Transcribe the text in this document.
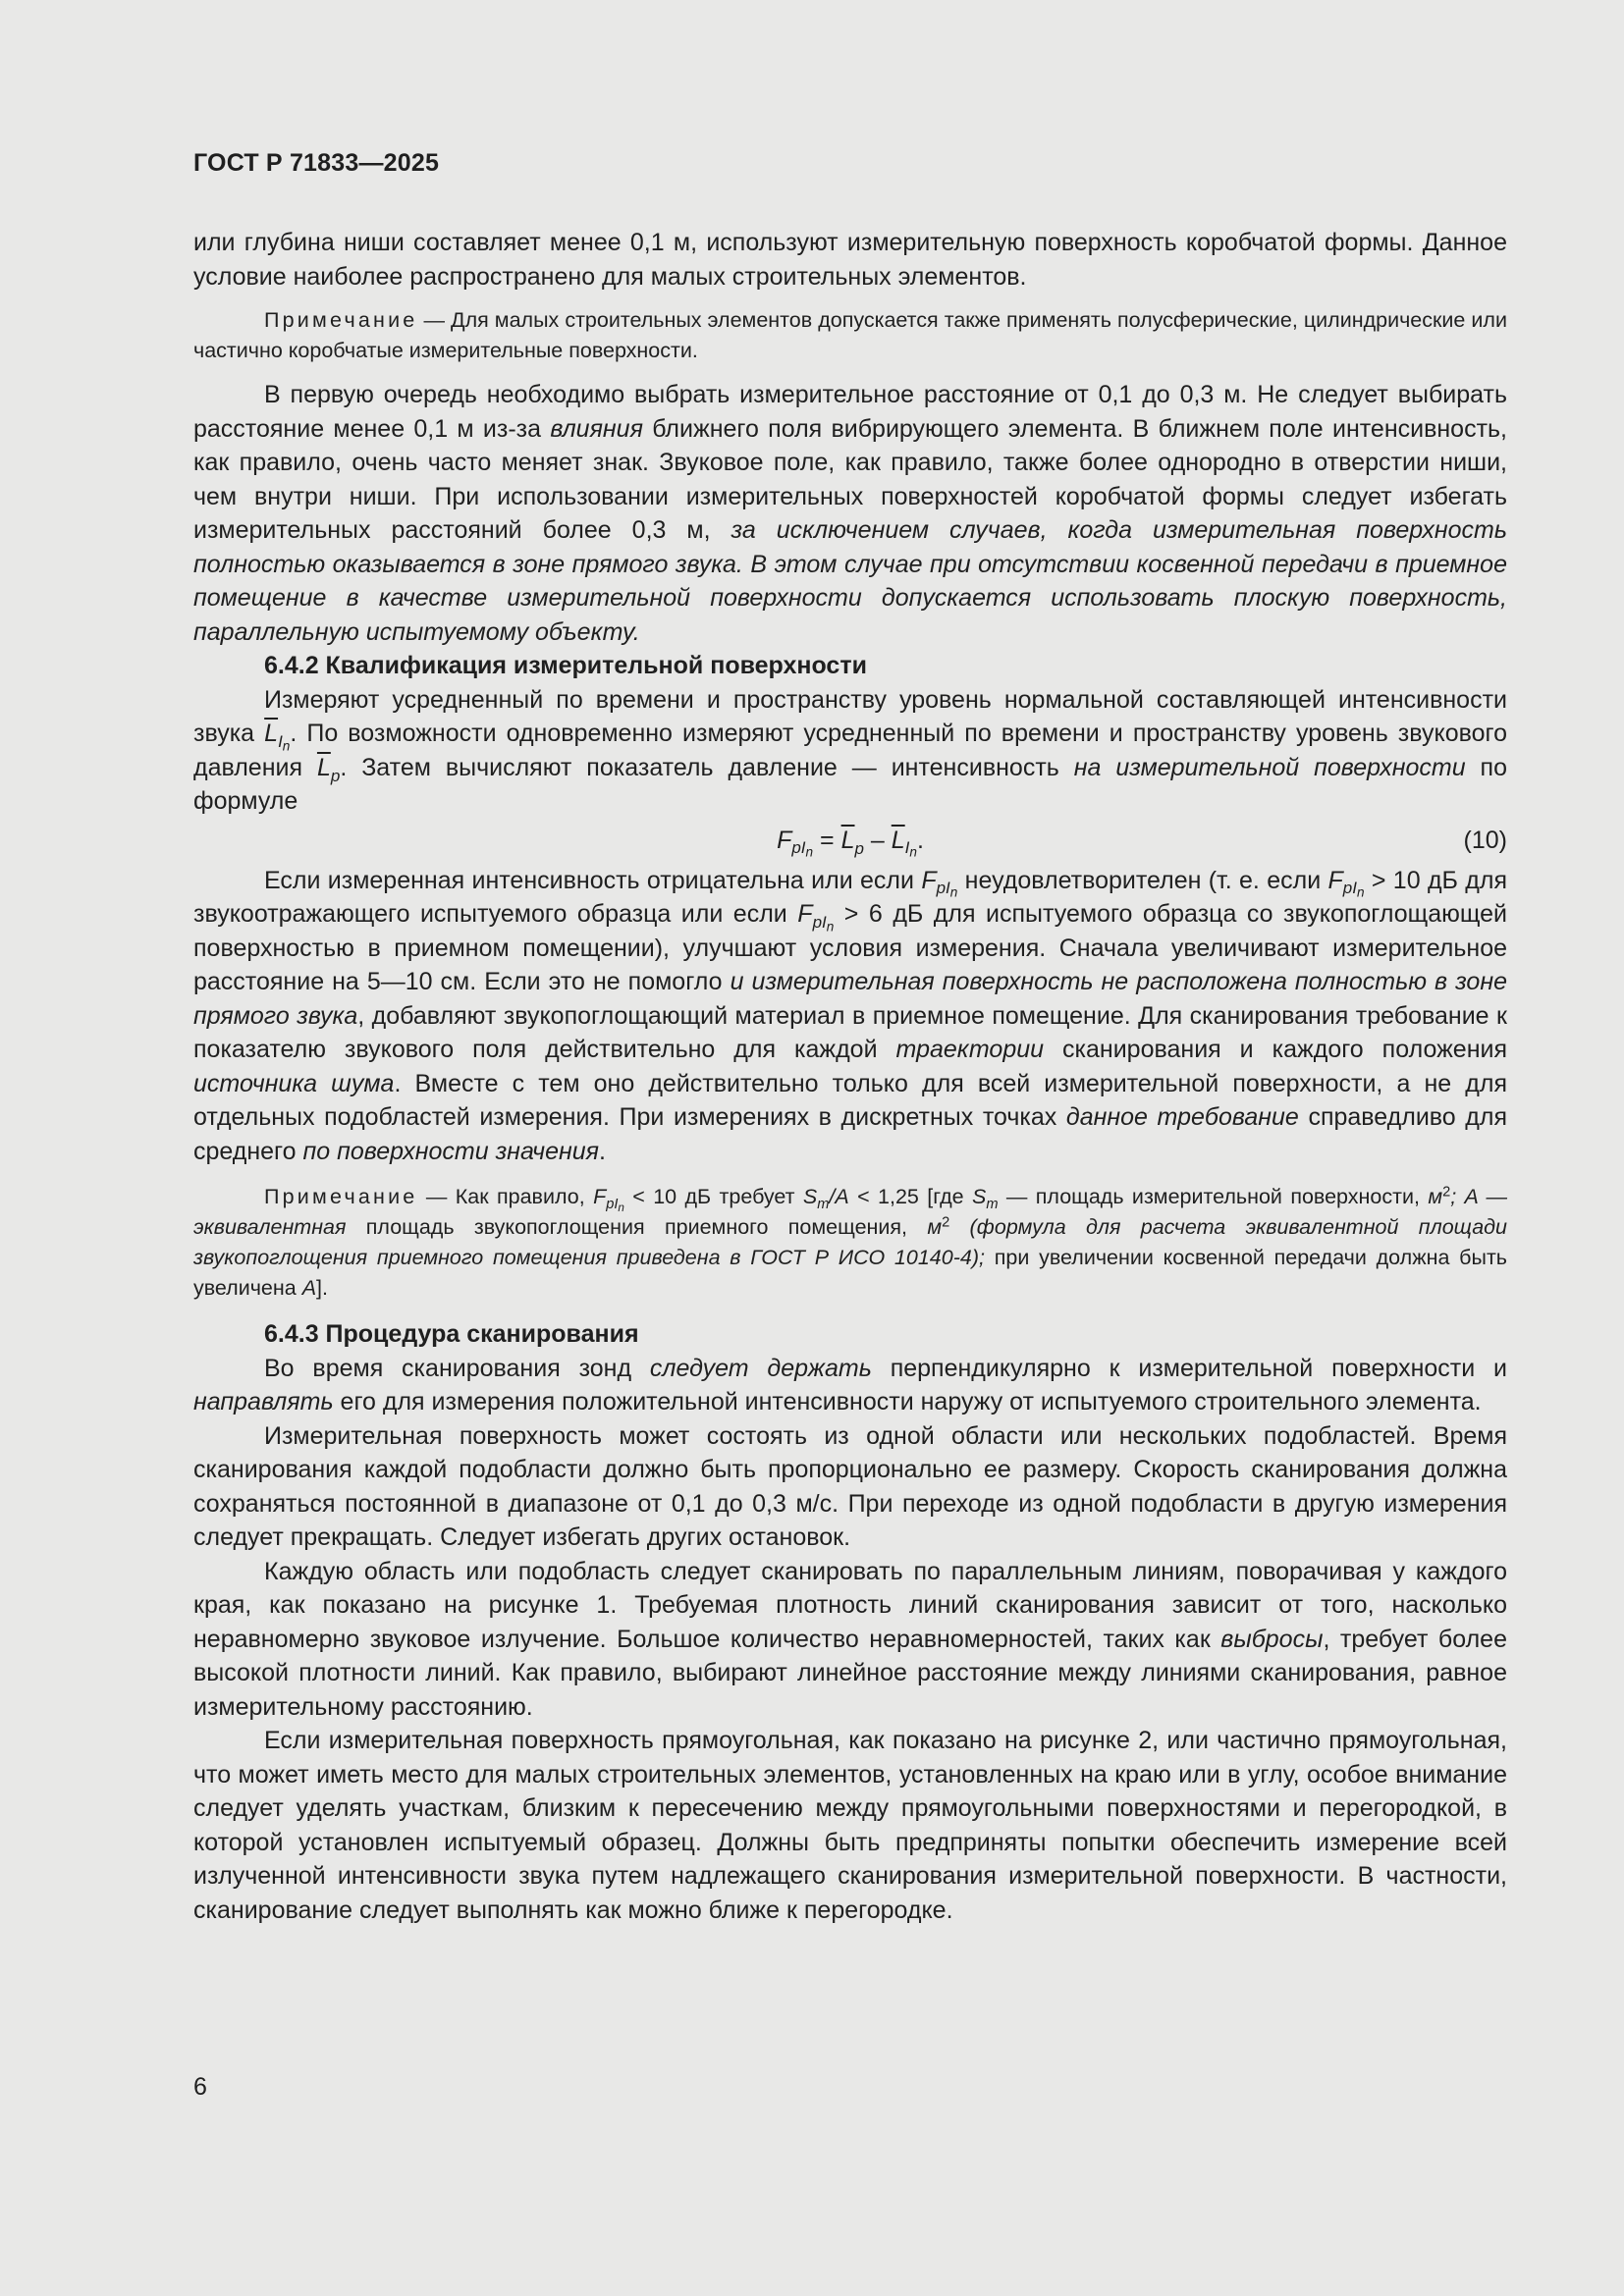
ГОСТ Р 71833—2025

или глубина ниши составляет менее 0,1 м, используют измерительную поверхность коробчатой формы. Данное условие наиболее распространено для малых строительных элементов.

Примечание — Для малых строительных элементов допускается также применять полусферические, цилиндрические или частично коробчатые измерительные поверхности.

В первую очередь необходимо выбрать измерительное расстояние от 0,1 до 0,3 м. Не следует выбирать расстояние менее 0,1 м из-за влияния ближнего поля вибрирующего элемента. В ближнем поле интенсивность, как правило, очень часто меняет знак. Звуковое поле, как правило, также более однородно в отверстии ниши, чем внутри ниши. При использовании измерительных поверхностей коробчатой формы следует избегать измерительных расстояний более 0,3 м, за исключением случаев, когда измерительная поверхность полностью оказывается в зоне прямого звука. В этом случае при отсутствии косвенной передачи в приемное помещение в качестве измерительной поверхности допускается использовать плоскую поверхность, параллельную испытуемому объекту.

6.4.2 Квалификация измерительной поверхности

Измеряют усредненный по времени и пространству уровень нормальной составляющей интенсивности звука $\overline{L}_{I_n}$. По возможности одновременно измеряют усредненный по времени и пространству уровень звукового давления $\overline{L}_p$. Затем вычисляют показатель давление — интенсивность на измерительной поверхности по формуле

$F_{pI_n} = \overline{L}_p - \overline{L}_{I_n}$.	(10)

Если измеренная интенсивность отрицательна или если $F_{pI_n}$ неудовлетворителен (т. е. если $F_{pI_n} > 10$ дБ для звукоотражающего испытуемого образца или если $F_{pI_n} > 6$ дБ для испытуемого образца со звукопоглощающей поверхностью в приемном помещении), улучшают условия измерения. Сначала увеличивают измерительное расстояние на 5—10 см. Если это не помогло и измерительная поверхность не расположена полностью в зоне прямого звука, добавляют звукопоглощающий материал в приемное помещение. Для сканирования требование к показателю звукового поля действительно для каждой траектории сканирования и каждого положения источника шума. Вместе с тем оно действительно только для всей измерительной поверхности, а не для отдельных подобластей измерения. При измерениях в дискретных точках данное требование справедливо для среднего по поверхности значения.

Примечание — Как правило, $F_{pI_n} < 10$ дБ требует $S_m/A < 1,25$ [где $S_m$ — площадь измерительной поверхности, $м^2$; A — эквивалентная площадь звукопоглощения приемного помещения, $м^2$ (формула для расчета эквивалентной площади звукопоглощения приемного помещения приведена в ГОСТ Р ИСО 10140-4); при увеличении косвенной передачи должна быть увеличена A].

6.4.3 Процедура сканирования

Во время сканирования зонд следует держать перпендикулярно к измерительной поверхности и направлять его для измерения положительной интенсивности наружу от испытуемого строительного элемента.

Измерительная поверхность может состоять из одной области или нескольких подобластей. Время сканирования каждой подобласти должно быть пропорционально ее размеру. Скорость сканирования должна сохраняться постоянной в диапазоне от 0,1 до 0,3 м/с. При переходе из одной подобласти в другую измерения следует прекращать. Следует избегать других остановок.

Каждую область или подобласть следует сканировать по параллельным линиям, поворачивая у каждого края, как показано на рисунке 1. Требуемая плотность линий сканирования зависит от того, насколько неравномерно звуковое излучение. Большое количество неравномерностей, таких как выбросы, требует более высокой плотности линий. Как правило, выбирают линейное расстояние между линиями сканирования, равное измерительному расстоянию.

Если измерительная поверхность прямоугольная, как показано на рисунке 2, или частично прямоугольная, что может иметь место для малых строительных элементов, установленных на краю или в углу, особое внимание следует уделять участкам, близким к пересечению между прямоугольными поверхностями и перегородкой, в которой установлен испытуемый образец. Должны быть предприняты попытки обеспечить измерение всей излученной интенсивности звука путем надлежащего сканирования измерительной поверхности. В частности, сканирование следует выполнять как можно ближе к перегородке.

6
